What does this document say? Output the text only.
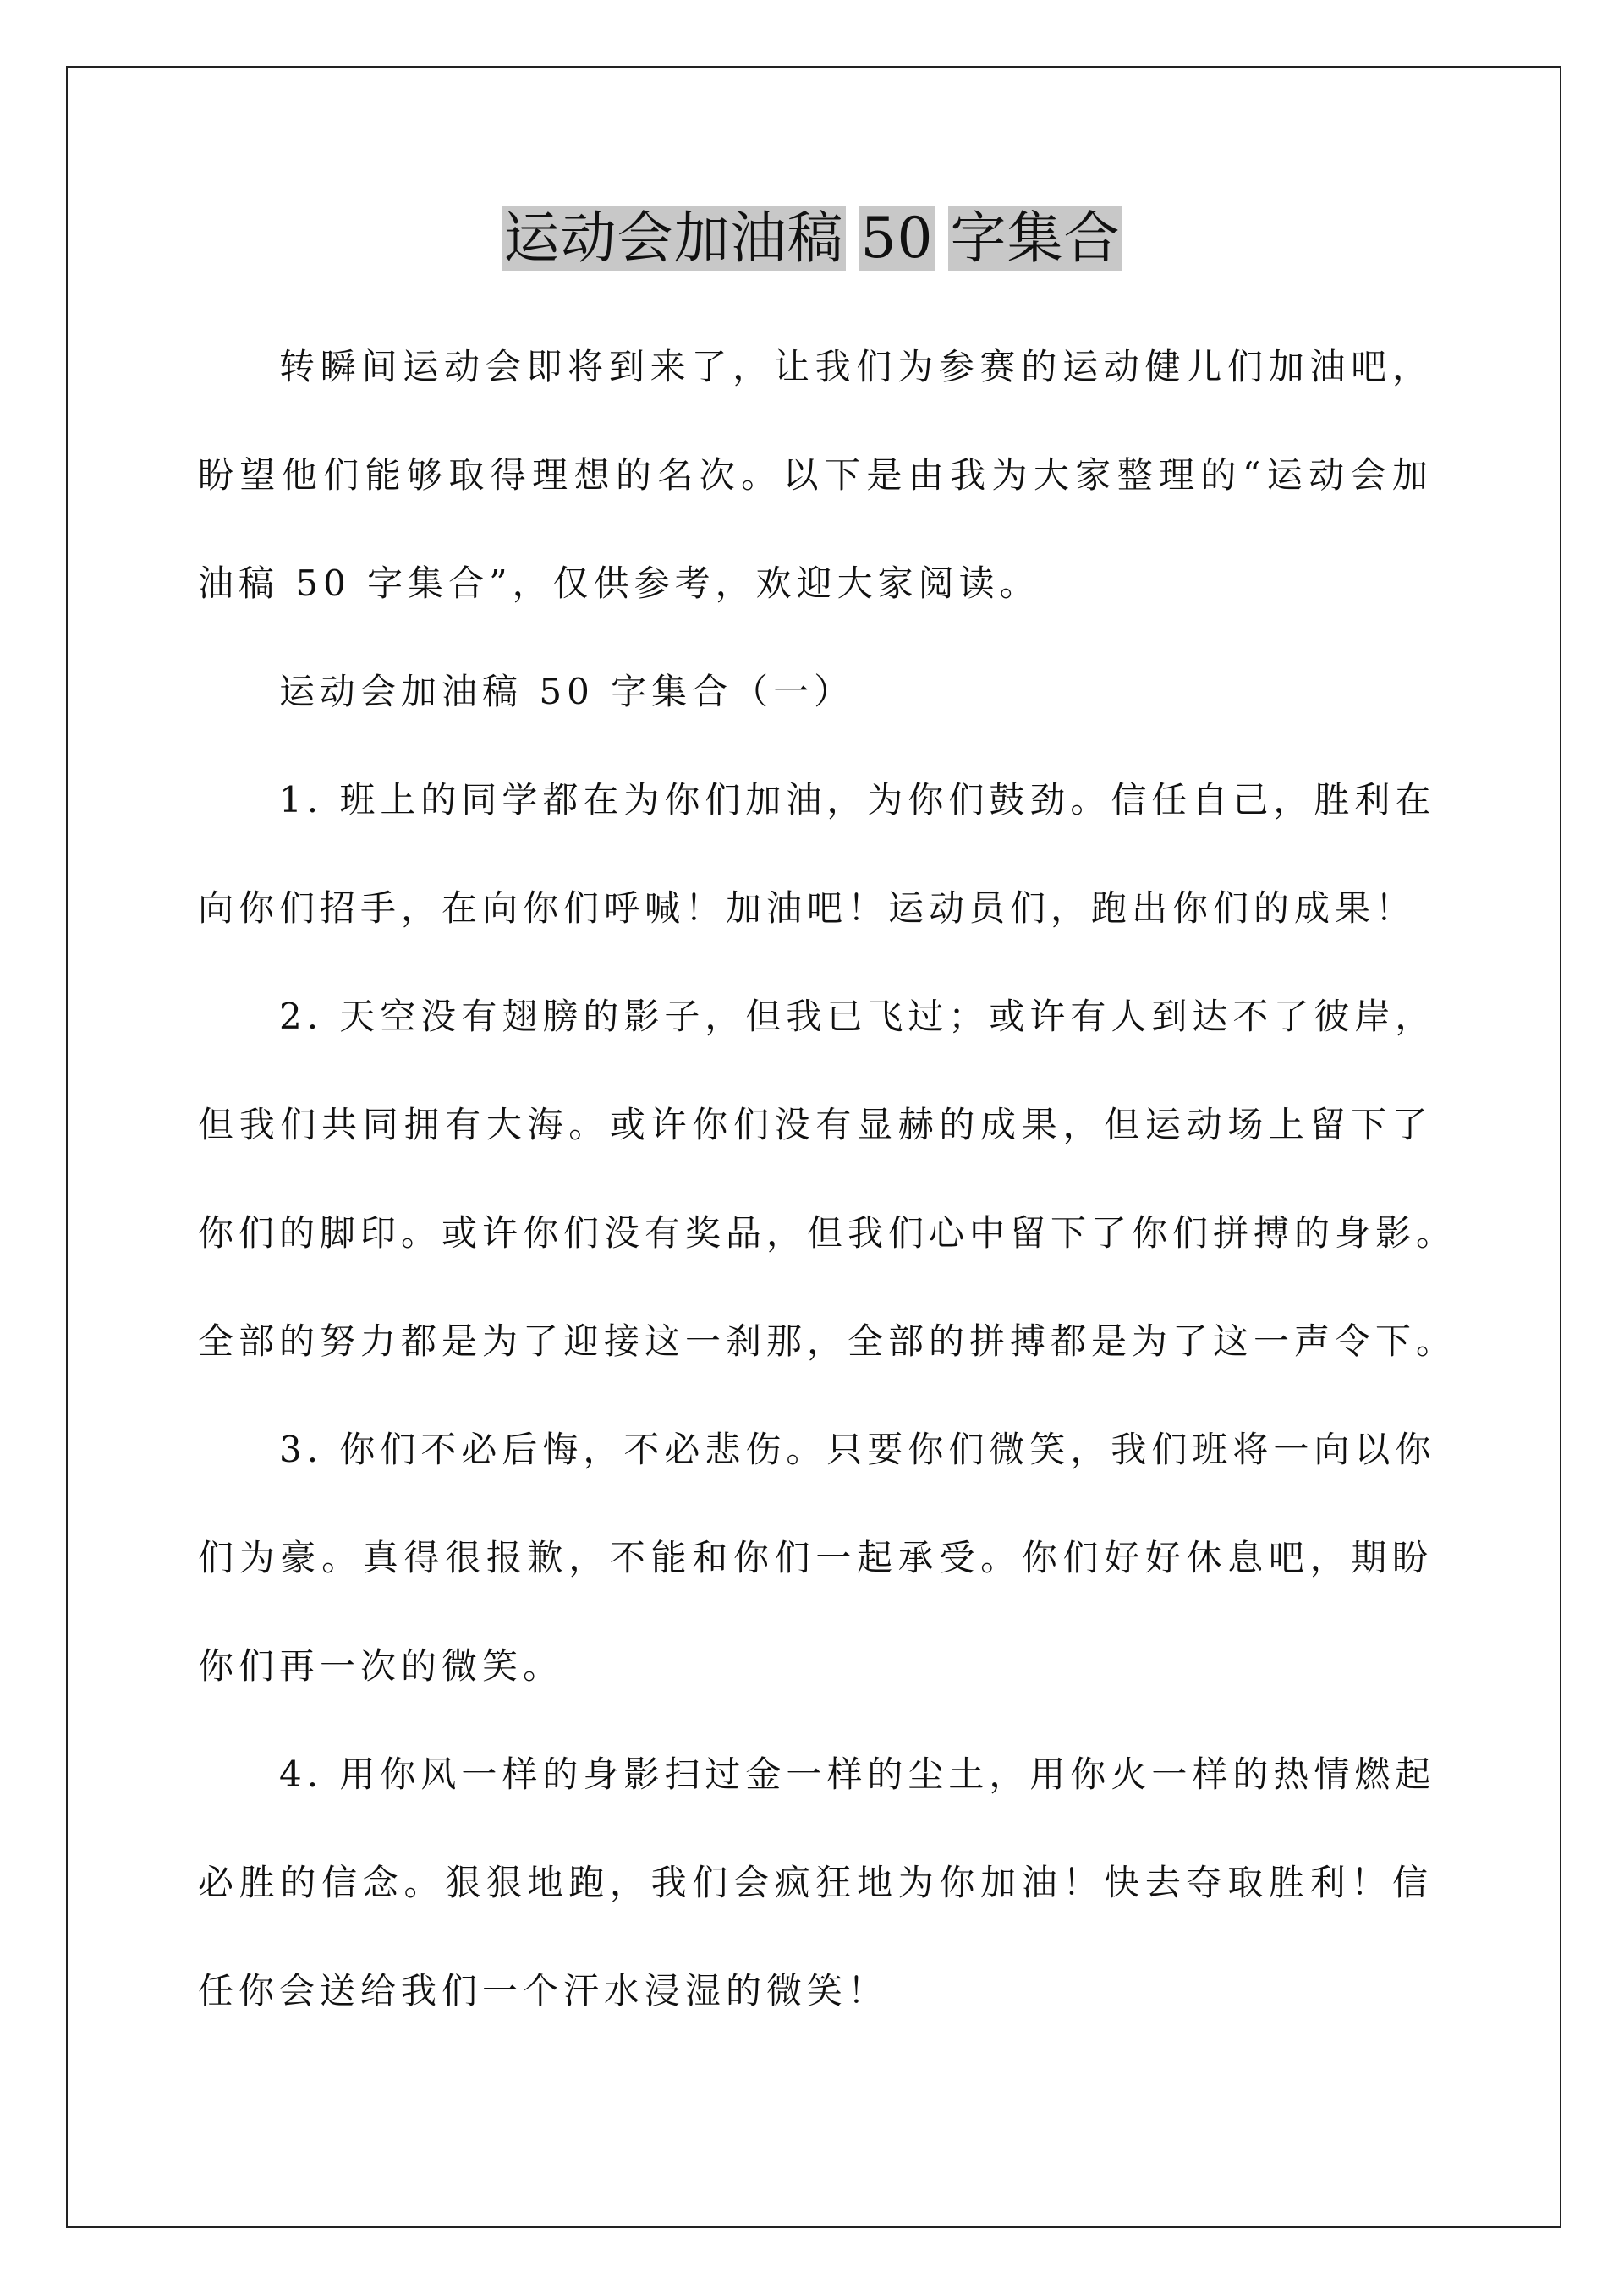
运动会加油稿 50 字集合
转瞬间运动会即将到来了，让我们为参赛的运动健儿们加油吧，
盼望他们能够取得理想的名次。以下是由我为大家整理的“运动会加
油稿 50 字集合”，仅供参考，欢迎大家阅读。
运动会加油稿 50 字集合（一）
1. 班上的同学都在为你们加油，为你们鼓劲。信任自己，胜利在
向你们招手，在向你们呼喊！加油吧！运动员们，跑出你们的成果！
2. 天空没有翅膀的影子，但我已飞过；或许有人到达不了彼岸，
但我们共同拥有大海。或许你们没有显赫的成果，但运动场上留下了
你们的脚印。或许你们没有奖品，但我们心中留下了你们拼搏的身影。
全部的努力都是为了迎接这一刹那，全部的拼搏都是为了这一声令下。
3. 你们不必后悔，不必悲伤。只要你们微笑，我们班将一向以你
们为豪。真得很报歉，不能和你们一起承受。你们好好休息吧，期盼
你们再一次的微笑。
4. 用你风一样的身影扫过金一样的尘土，用你火一样的热情燃起
必胜的信念。狠狠地跑，我们会疯狂地为你加油！快去夺取胜利！信
任你会送给我们一个汗水浸湿的微笑！
